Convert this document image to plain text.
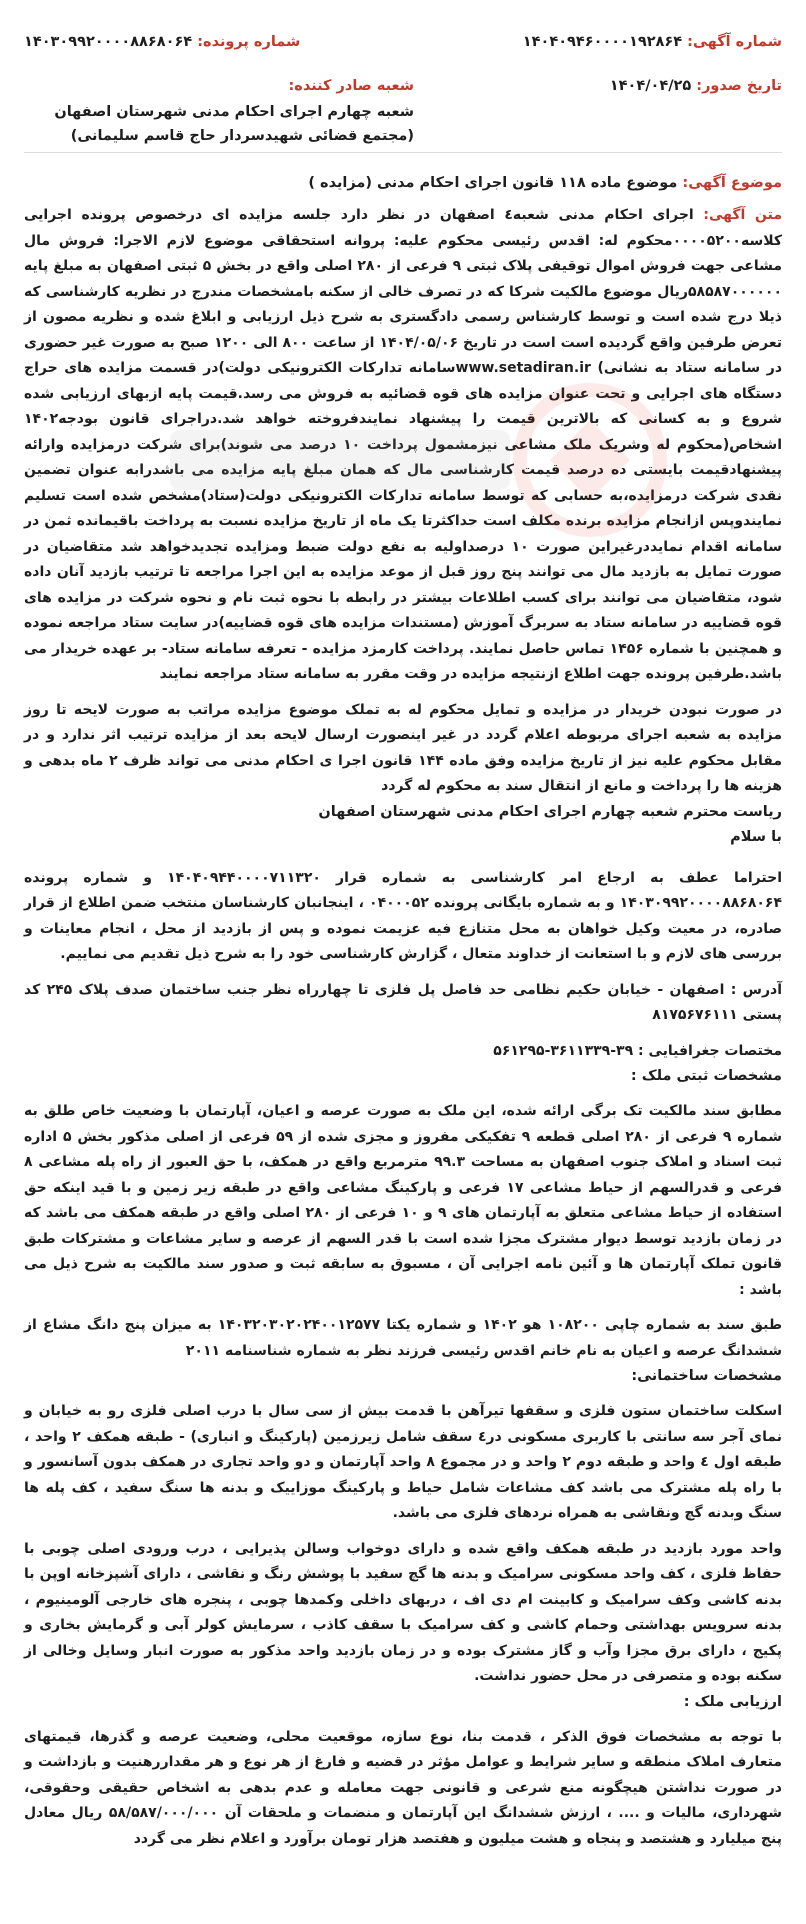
شماره آگهی: ۱۴۰۴۰۹۴۶۰۰۰۰۱۹۲۸۶۴
شماره پرونده: ۱۴۰۳۰۹۹۲۰۰۰۰۸۸۶۸۰۶۴
تاریخ صدور: ۱۴۰۴/۰۴/۲۵
شعبه صادر کننده:
شعبه چهارم اجرای احکام مدنی شهرستان اصفهان (مجتمع قضائی شهیدسردار حاج قاسم سلیمانی)
موضوع آگهی: موضوع ماده ۱۱۸ قانون اجرای احکام مدنی (مزایده )

متن آگهی: اجرای احکام مدنی شعبه٤ اصفهان در نظر دارد جلسه مزایده ای درخصوص پرونده اجرایی کلاسه۰۰۰۰۵۲۰۰محکوم له: اقدس رئیسی محکوم علیه: پروانه استحقاقی موضوع لازم الاجرا: فروش مال مشاعی جهت فروش اموال توقیفی پلاک ثبتی ۹ فرعی از ۲۸۰ اصلی واقع در بخش ۵ ثبتی اصفهان به مبلغ پایه ۵۸۵۸۷۰۰۰۰۰۰ریال موضوع مالکیت شرکا که در تصرف خالی از سکنه بامشخصات مندرج در نظریه کارشناسی که ذیلا درج شده است و توسط کارشناس رسمی دادگستری به شرح ذیل ارزیابی و ابلاغ شده و نظریه مصون از تعرض طرفین واقع گردیده است است در تاریخ ۱۴۰۴/۰۵/۰۶ از ساعت ۸۰۰ الی ۱۲۰۰ صبح به صورت غیر حضوری در سامانه ستاد به نشانی) www.setadiran.irسامانه تدارکات الکترونیکی دولت)در قسمت مزایده های حراج دستگاه های اجرایی و تحت عنوان مزایده های قوه قضائیه به فروش می رسد.قیمت پایه ازبهای ارزیابی شده شروع و به کسانی که بالاترین قیمت را پیشنهاد نمایندفروخته خواهد شد.دراجرای قانون بودجه۱۴۰۲ اشخاص(محکوم له وشریک ملک مشاعی نیزمشمول پرداخت ۱۰ درصد می شوند)برای شرکت درمزایده وارائه پیشنهادقیمت بایستی ده درصد قیمت کارشناسی مال که همان مبلغ پایه مزایده می باشدرابه عنوان تضمین نقدی شرکت درمزایده،به حسابی که توسط سامانه تدارکات الکترونیکی دولت(ستاد)مشخص شده است تسلیم نمایندوپس ازانجام مزایده برنده مکلف است حداکثرتا یک ماه از تاریخ مزایده نسبت به پرداخت باقیمانده ثمن در سامانه اقدام نمایددرغیراین صورت ۱۰ درصداولیه به نفع دولت ضبط ومزایده تجدیدخواهد شد متقاضیان در صورت تمایل به بازدید مال می توانند پنج روز قبل از موعد مزایده به این اجرا مراجعه تا ترتیب بازدید آنان داده شود، متقاضیان می توانند برای کسب اطلاعات بیشتر در رابطه با نحوه ثبت نام و نحوه شرکت در مزایده های قوه قضاییه در سامانه ستاد به سربرگ آموزش (مستندات مزایده های قوه قضاییه)در سایت ستاد مراجعه نموده و همچنین با شماره ۱۴۵۶ تماس حاصل نمایند. پرداخت کارمزد مزایده - تعرفه سامانه ستاد- بر عهده خریدار می باشد.طرفین پرونده جهت اطلاع ازنتیجه مزایده در وقت مقرر به سامانه ستاد مراجعه نمایند

در صورت نبودن خریدار در مزایده و تمایل محکوم له به تملک موضوع مزایده مراتب به صورت لایحه تا روز مزایده به شعبه اجرای مربوطه اعلام گردد در غیر اینصورت ارسال لایحه بعد از مزایده ترتیب اثر ندارد و در مقابل محکوم علیه نیز از تاریخ مزایده وفق ماده ۱۴۴ قانون اجرا ی احکام مدنی می تواند ظرف ۲ ماه بدهی و هزینه ها را پرداخت و مانع از انتقال سند به محکوم له گردد

ریاست محترم شعبه چهارم اجرای احکام مدنی شهرستان اصفهان

با سلام

احتراما عطف به ارجاع امر کارشناسی به شماره قرار ۱۴۰۴۰۹۴۴۰۰۰۰۷۱۱۳۲۰ و شماره پرونده ۱۴۰۳۰۹۹۲۰۰۰۰۸۸۶۸۰۶۴ و به شماره بایگانی پرونده ۰۴۰۰۰۵۲ ، اینجانبان کارشناسان منتخب ضمن اطلاع از قرار صادره، در معیت وکیل خواهان به محل متنازع فیه عزیمت نموده و پس از بازدید از محل ، انجام معاینات و بررسی های لازم و با استعانت از خداوند متعال ، گزارش کارشناسی خود را به شرح ذیل تقدیم می نماییم.

آدرس : اصفهان - خیابان حکیم نظامی حد فاصل پل فلزی تا چهارراه نظر جنب ساختمان صدف پلاک ۲۴۵ کد پستی ۸۱۷۵۶۷۶۱۱۱

مختصات جغرافیایی : ۳۹-۳۶۱۱۳۳۹-۵۶۱۲۹۵

مشخصات ثبتی ملک :

مطابق سند مالکیت تک برگی ارائه شده، این ملک به صورت عرصه و اعیان، آپارتمان با وضعیت خاص طلق به شماره ۹ فرعی از ۲۸۰ اصلی قطعه ۹ تفکیکی مفروز و مجزی شده از ۵۹ فرعی از اصلی مذکور بخش ۵ اداره ثبت اسناد و املاک جنوب اصفهان به مساحت ۹۹.۳ مترمربع واقع در همکف، با حق العبور از راه پله مشاعی ۸ فرعی و قدرالسهم از حیاط مشاعی ۱۷ فرعی و پارکینگ مشاعی واقع در طبقه زیر زمین و با قید اینکه حق استفاده از حیاط مشاعی متعلق به آپارتمان های ۹ و ۱۰ فرعی از ۲۸۰ اصلی واقع در طبقه همکف می باشد که در زمان بازدید توسط دیوار مشترک مجزا شده است با قدر السهم از عرصه و سایر مشاعات و مشترکات طبق قانون تملک آپارتمان ها و آئین نامه اجرایی آن ، مسبوق به سابقه ثبت و صدور سند مالکیت به شرح ذیل می باشد :

طبق سند به شماره چاپی ۱۰۸۲۰۰ هو ۱۴۰۲ و شماره یکتا ۱۴۰۳۲۰۳۰۲۰۲۴۰۰۱۲۵۷۷ به میزان پنج دانگ مشاع از ششدانگ عرصه و اعیان به نام خانم اقدس رئیسی فرزند نظر به شماره شناسنامه ۲۰۱۱

مشخصات ساختمانی:

اسکلت ساختمان ستون فلزی و سقفها تیرآهن با قدمت بیش از سی سال با درب اصلی فلزی رو به خیابان و نمای آجر سه سانتی با کاربری مسکونی در٤ سقف شامل زیرزمین (پارکینگ و انباری) - طبقه همکف ۲ واحد ، طبقه اول ٤ واحد و طبقه دوم ۲ واحد و در مجموع ۸ واحد آپارتمان و دو واحد تجاری در همکف بدون آسانسور و با راه پله مشترک می باشد کف مشاعات شامل حیاط و پارکینگ موزاییک و بدنه ها سنگ سفید ، کف پله ها سنگ وبدنه گچ ونقاشی به همراه نردهای فلزی می باشد.

واحد مورد بازدید در طبقه همکف واقع شده و دارای دوخواب وسالن پذیرایی ، درب ورودی اصلی چوبی با حفاظ فلزی ، کف واحد مسکونی سرامیک و بدنه ها گچ سفید با پوشش رنگ و نقاشی ، دارای آشپزخانه اوپن با بدنه کاشی وکف سرامیک و کابینت ام دی اف ، دربهای داخلی وکمدها چوبی ، پنجره های خارجی آلومینیوم ، بدنه سرویس بهداشتی وحمام کاشی و کف سرامیک با سقف کاذب ، سرمایش کولر آبی و گرمایش بخاری و پکیج ، دارای برق مجزا وآب و گاز مشترک بوده و در زمان بازدید واحد مذکور به صورت انبار وسایل وخالی از سکنه بوده و متصرفی در محل حضور نداشت.

ارزیابی ملک :

با توجه به مشخصات فوق الذکر ، قدمت بنا، نوع سازه، موقعیت محلی، وضعیت عرصه و گذرها، قیمتهای متعارف املاک منطقه و سایر شرایط و عوامل مؤثر در قضیه و فارغ از هر نوع و هر مقداررهنیت و بازداشت و در صورت نداشتن هیچگونه منع شرعی و قانونی جهت معامله و عدم بدهی به اشخاص حقیقی وحقوقی، شهرداری، مالیات و .... ، ارزش ششدانگ این آپارتمان و منضمات و ملحقات آن ۵۸/۵۸۷/۰۰۰/۰۰۰ ریال معادل پنج میلیارد و هشتصد و پنجاه و هشت میلیون و هفتصد هزار تومان برآورد و اعلام نظر می گردد
